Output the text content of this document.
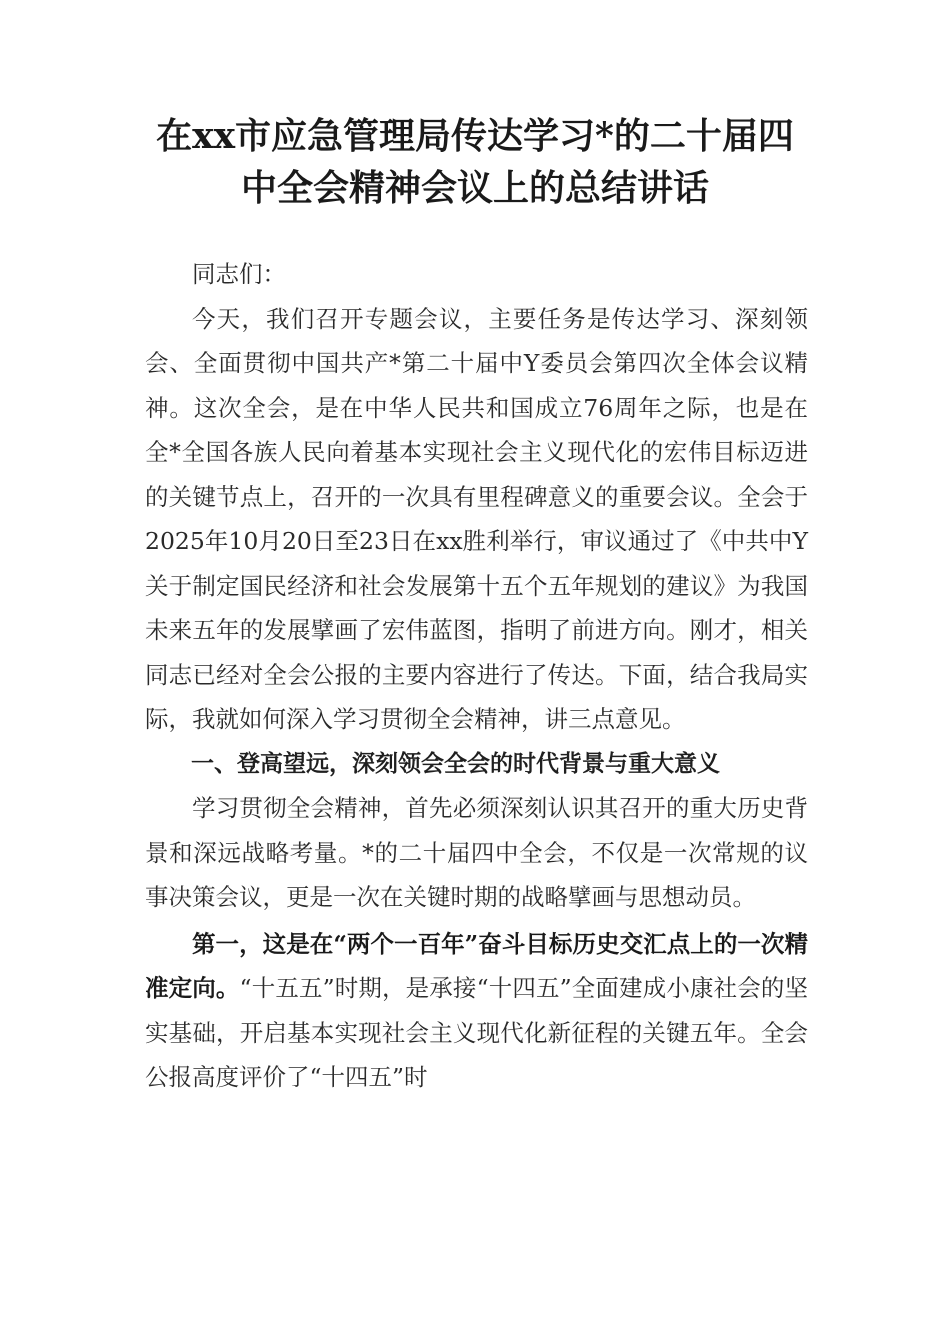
在xx市应急管理局传达学习*的二十届四
中全会精神会议上的总结讲话

同志们：

今天，我们召开专题会议，主要任务是传达学习、深刻领会、全面贯彻中国共产*第二十届中Y委员会第四次全体会议精神。这次全会，是在中华人民共和国成立76周年之际，也是在全*全国各族人民向着基本实现社会主义现代化的宏伟目标迈进的关键节点上，召开的一次具有里程碑意义的重要会议。全会于2025年10月20日至23日在xx胜利举行，审议通过了《中共中Y关于制定国民经济和社会发展第十五个五年规划的建议》为我国未来五年的发展擘画了宏伟蓝图，指明了前进方向。刚才，相关同志已经对全会公报的主要内容进行了传达。下面，结合我局实际，我就如何深入学习贯彻全会精神，讲三点意见。

一、登高望远，深刻领会全会的时代背景与重大意义

学习贯彻全会精神，首先必须深刻认识其召开的重大历史背景和深远战略考量。*的二十届四中全会，不仅是一次常规的议事决策会议，更是一次在关键时期的战略擘画与思想动员。

第一，这是在“两个一百年”奋斗目标历史交汇点上的一次精准定向。“十五五”时期，是承接“十四五”全面建成小康社会的坚实基础，开启基本实现社会主义现代化新征程的关键五年。全会公报高度评价了“十四五”时
